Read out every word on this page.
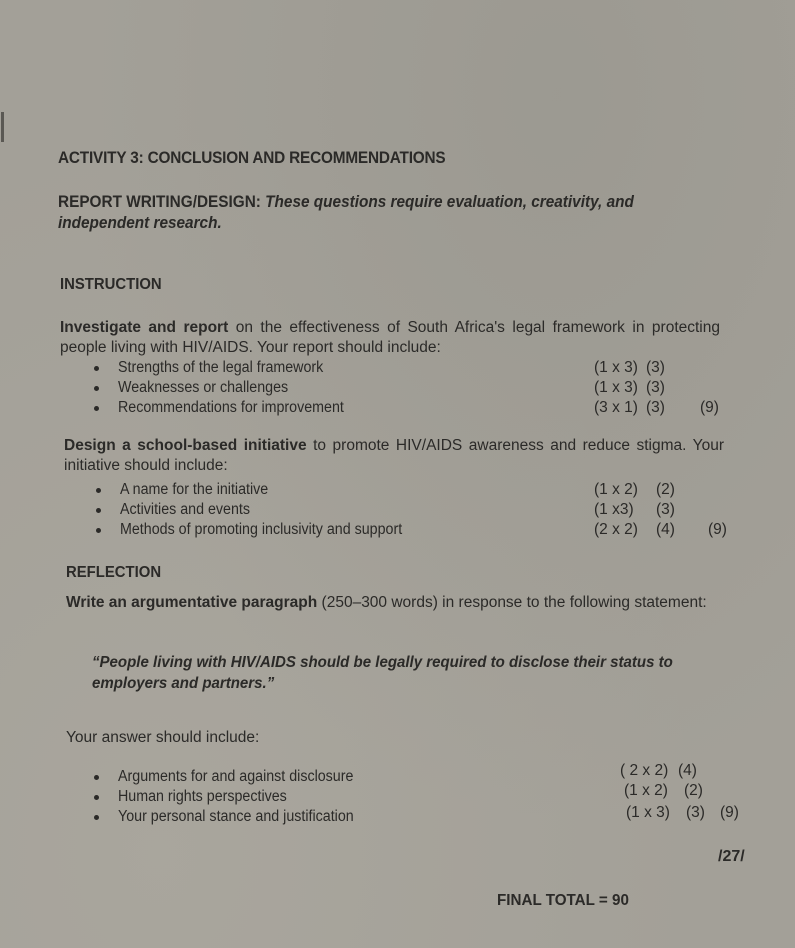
ACTIVITY 3: CONCLUSION AND RECOMMENDATIONS
REPORT WRITING/DESIGN: These questions require evaluation, creativity, and independent research.
INSTRUCTION
Investigate and report on the effectiveness of South Africa's legal framework in protecting people living with HIV/AIDS. Your report should include:
Strengths of the legal framework	(1 x 3) (3)
Weaknesses or challenges	(1 x 3) (3)
Recommendations for improvement	(3 x 1) (3) (9)
Design a school-based initiative to promote HIV/AIDS awareness and reduce stigma. Your initiative should include:
A name for the initiative	(1 x 2) (2)
Activities and events	(1 x3) (3)
Methods of promoting inclusivity and support	(2 x 2) (4) (9)
REFLECTION
Write an argumentative paragraph (250–300 words) in response to the following statement:
“People living with HIV/AIDS should be legally required to disclose their status to employers and partners.”
Your answer should include:
Arguments for and against disclosure	( 2 x 2) (4)
Human rights perspectives	(1 x 2) (2)
Your personal stance and justification	(1 x 3) (3) (9)
/27/
FINAL TOTAL = 90
